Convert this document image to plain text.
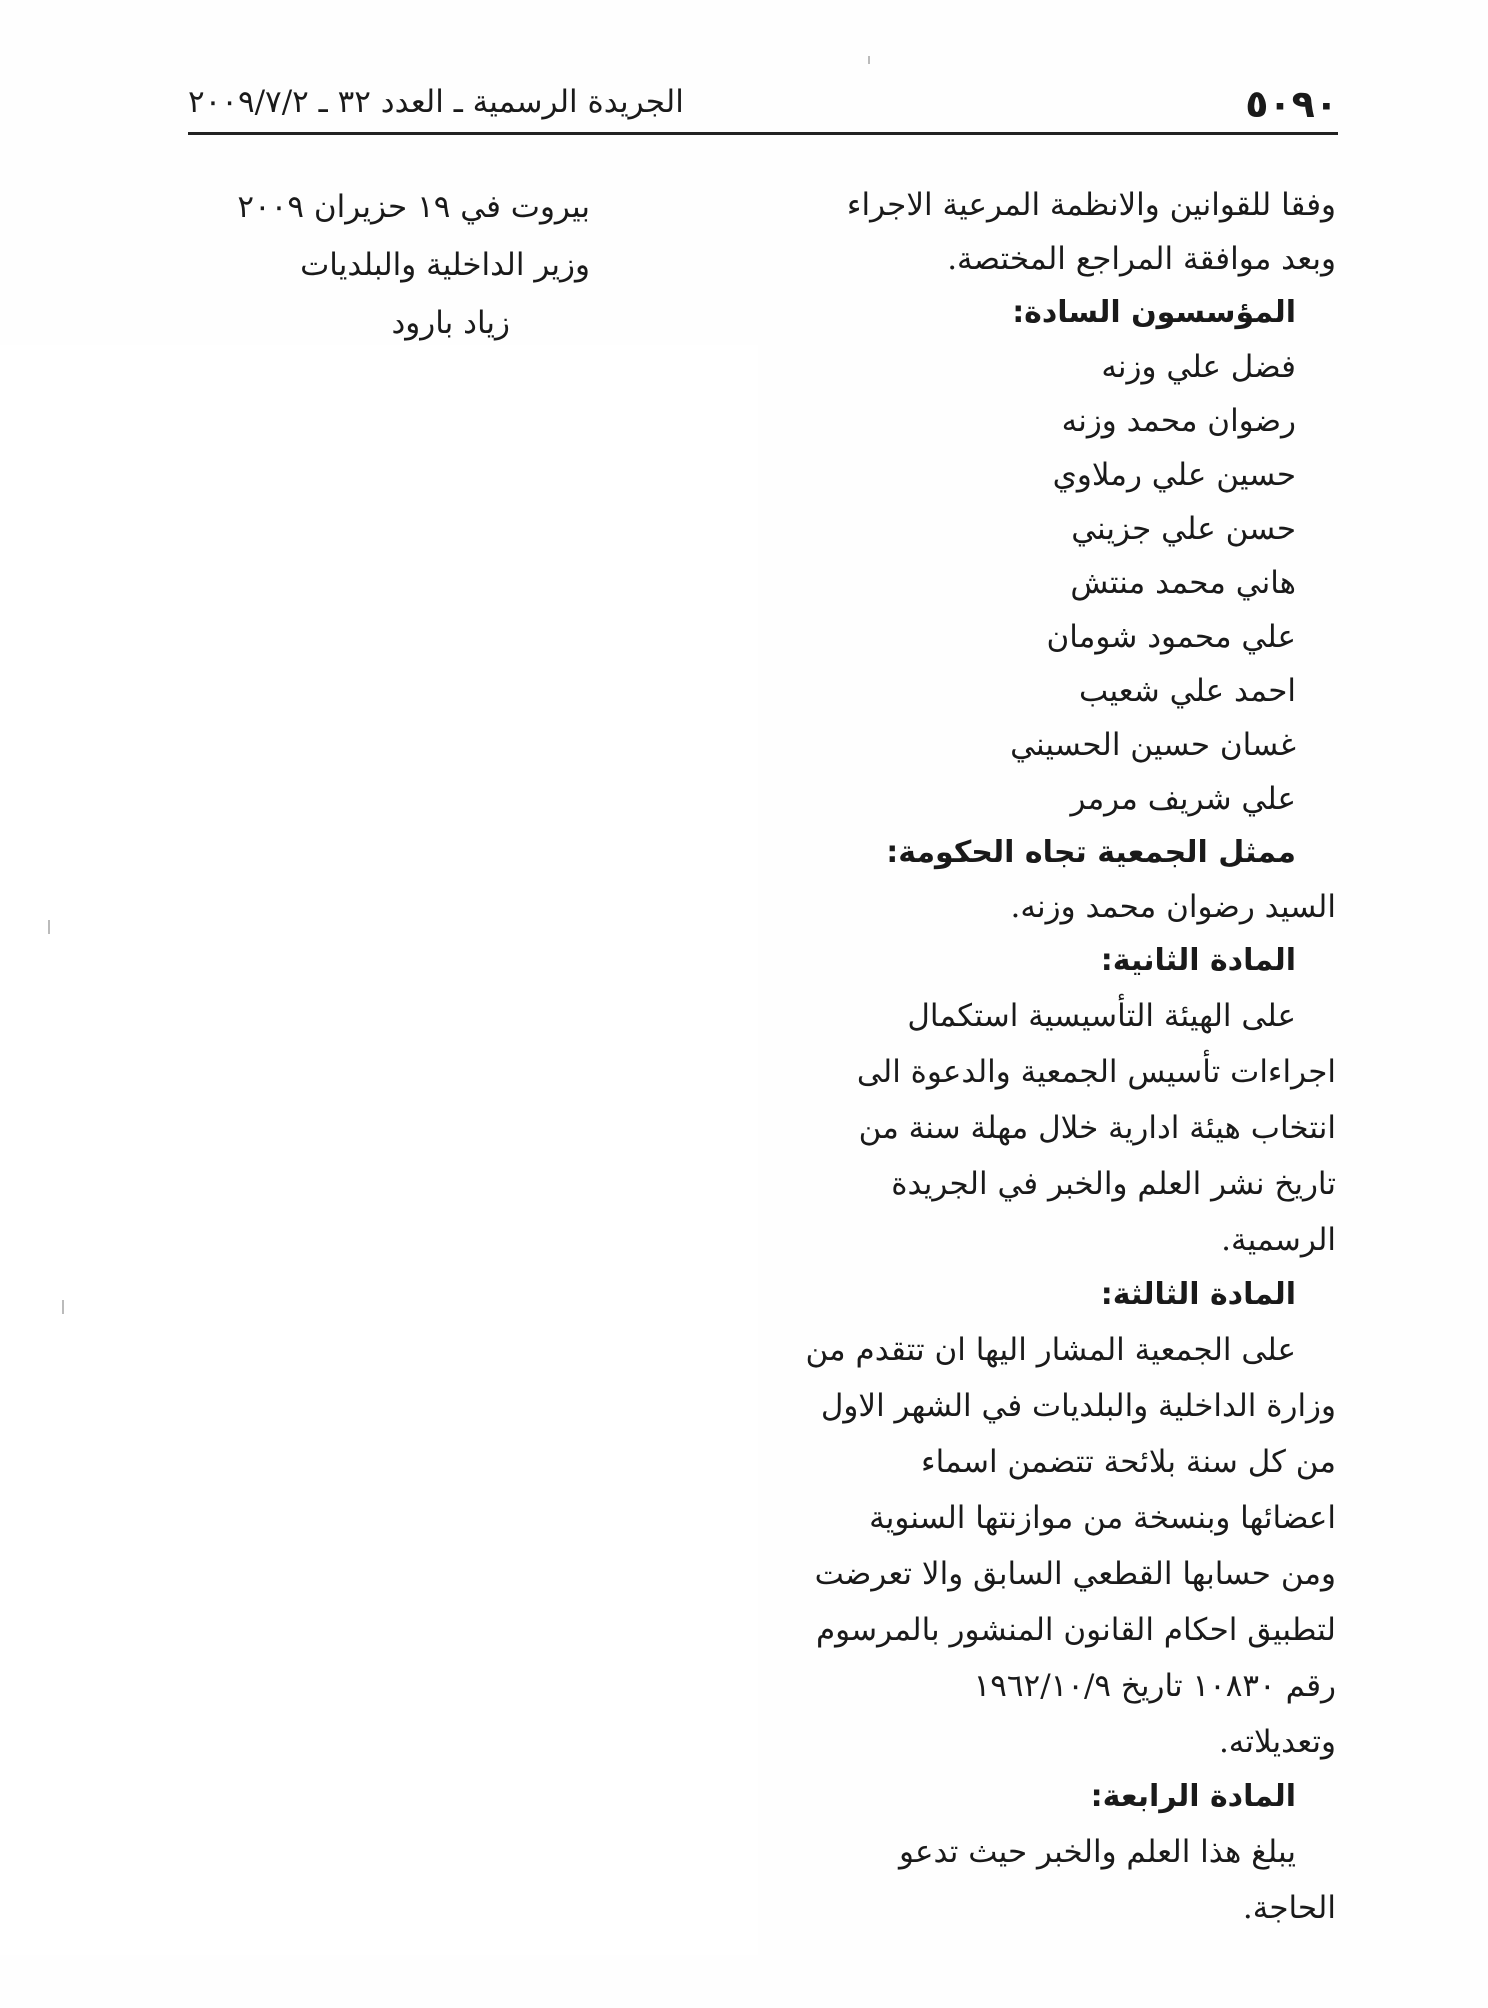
٥٠٩٠
الجريدة الرسمية ـ العدد ٣٢ ـ ٢٠٠٩/٧/٢
بيروت في ١٩ حزيران ٢٠٠٩
وزير الداخلية والبلديات
زياد بارود
وفقا للقوانين والانظمة المرعية الاجراء
وبعد موافقة المراجع المختصة.
المؤسسون السادة:
فضل علي وزنه
رضوان محمد وزنه
حسين علي رملاوي
حسن علي جزيني
هاني محمد منتش
علي محمود شومان
احمد علي شعيب
غسان حسين الحسيني
علي شريف مرمر
ممثل الجمعية تجاه الحكومة:
السيد رضوان محمد وزنه.
المادة الثانية:
على الهيئة التأسيسية استكمال
اجراءات تأسيس الجمعية والدعوة الى
انتخاب هيئة ادارية خلال مهلة سنة من
تاريخ نشر العلم والخبر في الجريدة
الرسمية.
المادة الثالثة:
على الجمعية المشار اليها ان تتقدم من
وزارة الداخلية والبلديات في الشهر الاول
من كل سنة بلائحة تتضمن اسماء
اعضائها وبنسخة من موازنتها السنوية
ومن حسابها القطعي السابق والا تعرضت
لتطبيق احكام القانون المنشور بالمرسوم
رقم ١٠٨٣٠ تاريخ ١٩٦٢/١٠/٩
وتعديلاته.
المادة الرابعة:
يبلغ هذا العلم والخبر حيث تدعو
الحاجة.
